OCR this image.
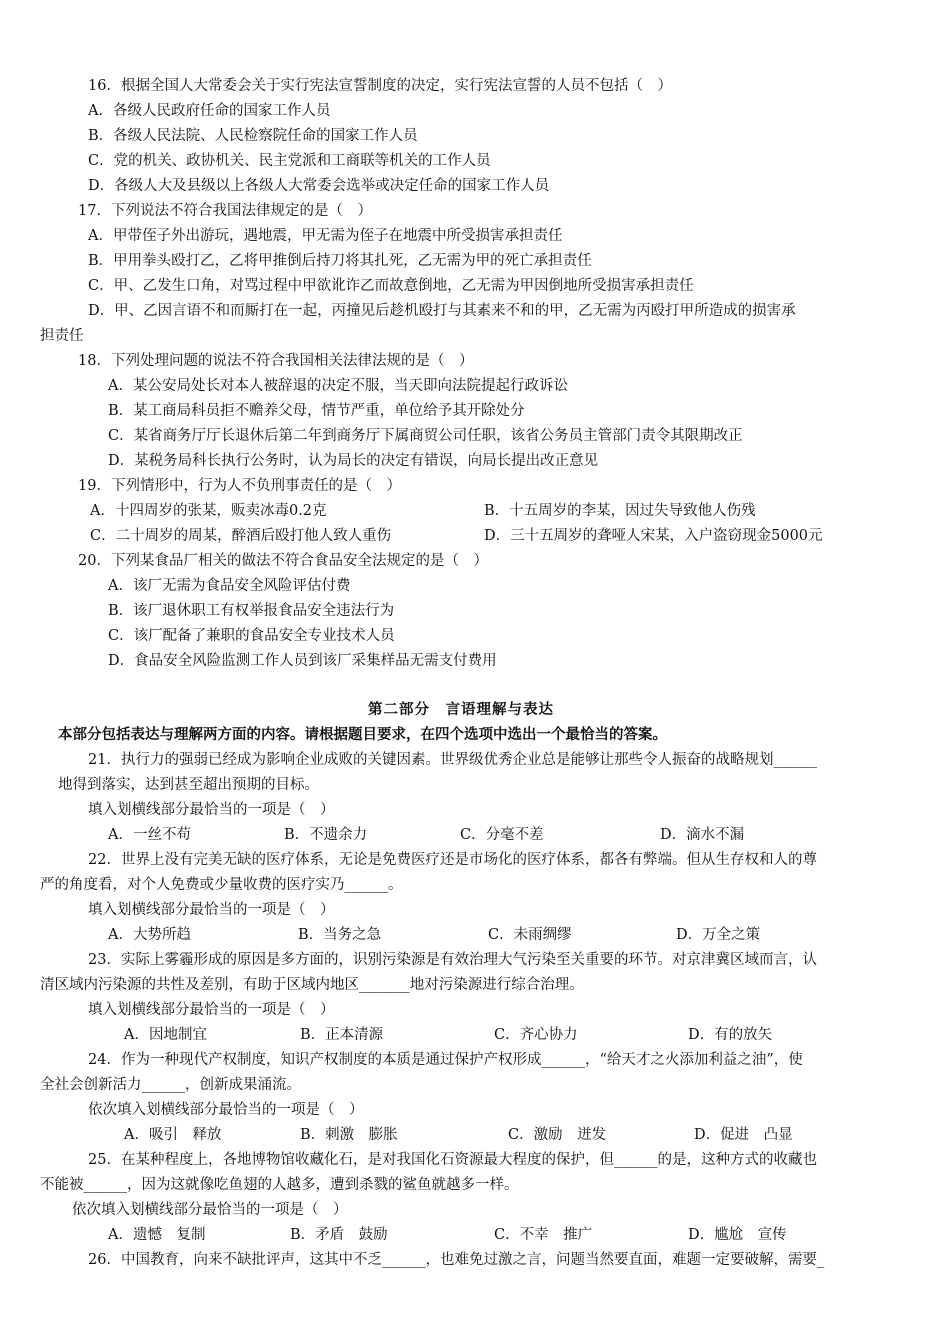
16．根据全国人大常委会关于实行宪法宣誓制度的决定，实行宪法宣誓的人员不包括（　）
A．各级人民政府任命的国家工作人员
B．各级人民法院、人民检察院任命的国家工作人员
C．党的机关、政协机关、民主党派和工商联等机关的工作人员
D．各级人大及县级以上各级人大常委会选举或决定任命的国家工作人员
17．下列说法不符合我国法律规定的是（　）
A．甲带侄子外出游玩，遇地震，甲无需为侄子在地震中所受损害承担责任
B．甲用拳头殴打乙，乙将甲推倒后持刀将其扎死，乙无需为甲的死亡承担责任
C．甲、乙发生口角，对骂过程中甲欲讹诈乙而故意倒地，乙无需为甲因倒地所受损害承担责任
D．甲、乙因言语不和而厮打在一起，丙撞见后趁机殴打与其素来不和的甲，乙无需为丙殴打甲所造成的损害承
担责任
18．下列处理问题的说法不符合我国相关法律法规的是（　）
A．某公安局处长对本人被辞退的决定不服，当天即向法院提起行政诉讼
B．某工商局科员拒不赡养父母，情节严重，单位给予其开除处分
C．某省商务厅厅长退休后第二年到商务厅下属商贸公司任职，该省公务员主管部门责令其限期改正
D．某税务局科长执行公务时，认为局长的决定有错误，向局长提出改正意见
19．下列情形中，行为人不负刑事责任的是（　）
A．十四周岁的张某，贩卖冰毒0.2克	B．十五周岁的李某，因过失导致他人伤残
C．二十周岁的周某，醉酒后殴打他人致人重伤	D．三十五周岁的聋哑人宋某，入户盗窃现金5000元
20．下列某食品厂相关的做法不符合食品安全法规定的是（　）
A．该厂无需为食品安全风险评估付费
B．该厂退休职工有权举报食品安全违法行为
C．该厂配备了兼职的食品安全专业技术人员
D．食品安全风险监测工作人员到该厂采集样品无需支付费用
第二部分　言语理解与表达
本部分包括表达与理解两方面的内容。请根据题目要求，在四个选项中选出一个最恰当的答案。
21．执行力的强弱已经成为影响企业成败的关键因素。世界级优秀企业总是能够让那些令人振奋的战略规划______
地得到落实，达到甚至超出预期的目标。
填入划横线部分最恰当的一项是（　）
A．一丝不苟	B．不遗余力	C．分毫不差	D．滴水不漏
22．世界上没有完美无缺的医疗体系，无论是免费医疗还是市场化的医疗体系，都各有弊端。但从生存权和人的尊
严的角度看，对个人免费或少量收费的医疗实乃______。
填入划横线部分最恰当的一项是（　）
A．大势所趋	B．当务之急	C．未雨绸缪	D．万全之策
23．实际上雾霾形成的原因是多方面的，识别污染源是有效治理大气污染至关重要的环节。对京津冀区域而言，认
清区域内污染源的共性及差别，有助于区域内地区_______地对污染源进行综合治理。
填入划横线部分最恰当的一项是（　）
A．因地制宜	B．正本清源	C．齐心协力	D．有的放矢
24．作为一种现代产权制度，知识产权制度的本质是通过保护产权形成______，“给天才之火添加利益之油”，使
全社会创新活力______，创新成果涌流。
依次填入划横线部分最恰当的一项是（　）
A．吸引　释放	B．刺激　膨胀	C．激励　迸发	D．促进　凸显
25．在某种程度上，各地博物馆收藏化石，是对我国化石资源最大程度的保护，但______的是，这种方式的收藏也
不能被______，因为这就像吃鱼翅的人越多，遭到杀戮的鲨鱼就越多一样。
依次填入划横线部分最恰当的一项是（　）
A．遗憾　复制	B．矛盾　鼓励	C．不幸　推广	D．尴尬　宣传
26．中国教育，向来不缺批评声，这其中不乏______，也难免过激之言，问题当然要直面，难题一定要破解，需要_
